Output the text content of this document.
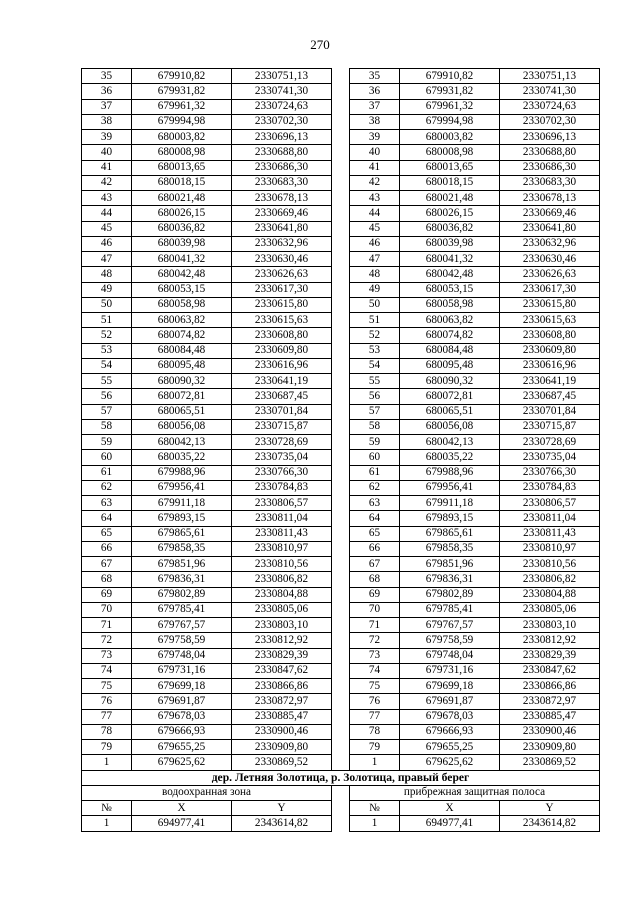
270
35	679910,82	2330751,13		35	679910,82	2330751,13
36	679931,82	2330741,30		36	679931,82	2330741,30
37	679961,32	2330724,63		37	679961,32	2330724,63
38	679994,98	2330702,30		38	679994,98	2330702,30
39	680003,82	2330696,13		39	680003,82	2330696,13
40	680008,98	2330688,80		40	680008,98	2330688,80
41	680013,65	2330686,30		41	680013,65	2330686,30
42	680018,15	2330683,30		42	680018,15	2330683,30
43	680021,48	2330678,13		43	680021,48	2330678,13
44	680026,15	2330669,46		44	680026,15	2330669,46
45	680036,82	2330641,80		45	680036,82	2330641,80
46	680039,98	2330632,96		46	680039,98	2330632,96
47	680041,32	2330630,46		47	680041,32	2330630,46
48	680042,48	2330626,63		48	680042,48	2330626,63
49	680053,15	2330617,30		49	680053,15	2330617,30
50	680058,98	2330615,80		50	680058,98	2330615,80
51	680063,82	2330615,63		51	680063,82	2330615,63
52	680074,82	2330608,80		52	680074,82	2330608,80
53	680084,48	2330609,80		53	680084,48	2330609,80
54	680095,48	2330616,96		54	680095,48	2330616,96
55	680090,32	2330641,19		55	680090,32	2330641,19
56	680072,81	2330687,45		56	680072,81	2330687,45
57	680065,51	2330701,84		57	680065,51	2330701,84
58	680056,08	2330715,87		58	680056,08	2330715,87
59	680042,13	2330728,69		59	680042,13	2330728,69
60	680035,22	2330735,04		60	680035,22	2330735,04
61	679988,96	2330766,30		61	679988,96	2330766,30
62	679956,41	2330784,83		62	679956,41	2330784,83
63	679911,18	2330806,57		63	679911,18	2330806,57
64	679893,15	2330811,04		64	679893,15	2330811,04
65	679865,61	2330811,43		65	679865,61	2330811,43
66	679858,35	2330810,97		66	679858,35	2330810,97
67	679851,96	2330810,56		67	679851,96	2330810,56
68	679836,31	2330806,82		68	679836,31	2330806,82
69	679802,89	2330804,88		69	679802,89	2330804,88
70	679785,41	2330805,06		70	679785,41	2330805,06
71	679767,57	2330803,10		71	679767,57	2330803,10
72	679758,59	2330812,92		72	679758,59	2330812,92
73	679748,04	2330829,39		73	679748,04	2330829,39
74	679731,16	2330847,62		74	679731,16	2330847,62
75	679699,18	2330866,86		75	679699,18	2330866,86
76	679691,87	2330872,97		76	679691,87	2330872,97
77	679678,03	2330885,47		77	679678,03	2330885,47
78	679666,93	2330900,46		78	679666,93	2330900,46
79	679655,25	2330909,80		79	679655,25	2330909,80
1	679625,62	2330869,52		1	679625,62	2330869,52
дер. Летняя Золотица, р. Золотица, правый берег						
водоохранная зона				прибрежная защитная полоса		
№	X	Y		№	X	Y
1	694977,41	2343614,82		1	694977,41	2343614,82
